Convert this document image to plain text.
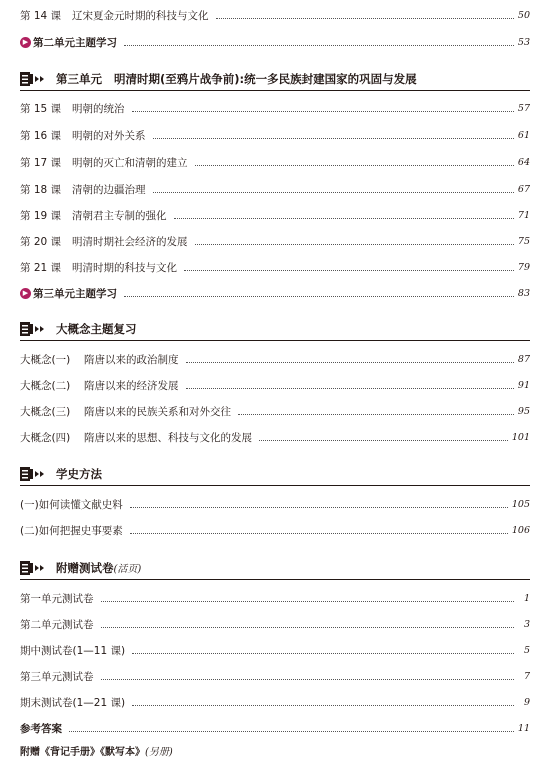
第 14 课 辽宋夏金元时期的科技与文化	50
▶ 第二单元主题学习	53
第三单元 明清时期(至鸦片战争前):统一多民族封建国家的巩固与发展
第 15 课 明朝的统治	57
第 16 课 明朝的对外关系	61
第 17 课 明朝的灭亡和清朝的建立	64
第 18 课 清朝的边疆治理	67
第 19 课 清朝君主专制的强化	71
第 20 课 明清时期社会经济的发展	75
第 21 课 明清时期的科技与文化	79
▶ 第三单元主题学习	83
大概念主题复习
大概念(一) 隋唐以来的政治制度	87
大概念(二) 隋唐以来的经济发展	91
大概念(三) 隋唐以来的民族关系和对外交往	95
大概念(四) 隋唐以来的思想、科技与文化的发展	101
学史方法
(一)如何读懂文献史料	105
(二)如何把握史事要素	106
附赠测试卷(活页)
第一单元测试卷	1
第二单元测试卷	3
期中测试卷(1—11 课)	5
第三单元测试卷	7
期末测试卷(1—21 课)	9
参考答案	11
附赠《背记手册》《默写本》(另册)
